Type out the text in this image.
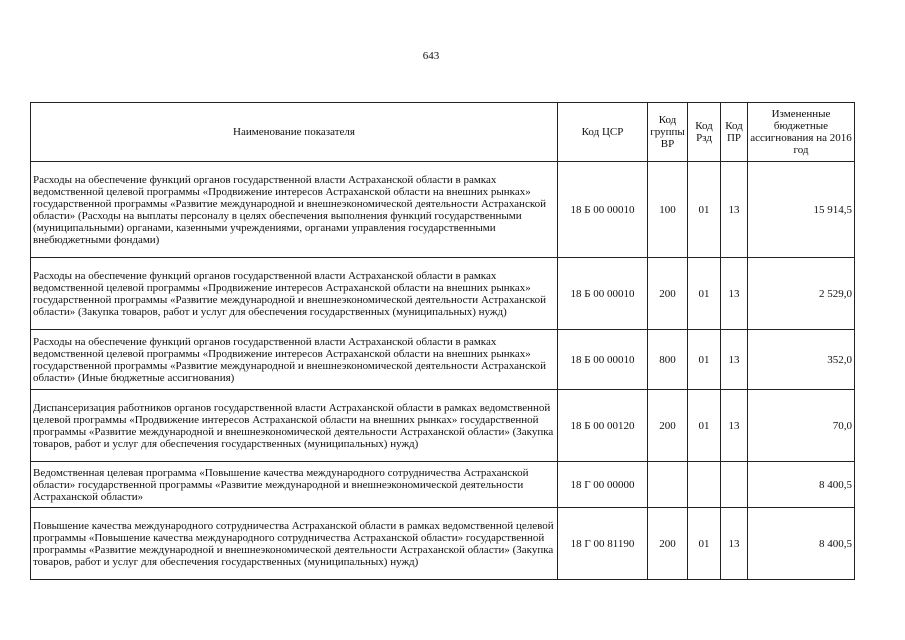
643
Наименование показателя	Код ЦСР	Код группы ВР	Код Рзд	Код ПР	Измененные бюджетные ассигнования на 2016 год
Расходы на обеспечение функций органов государственной власти Астраханской области в рамках ведомственной целевой программы «Продвижение интересов Астраханской области на внешних рынках» государственной программы «Развитие международной и внешнеэкономической деятельности Астраханской области» (Расходы на выплаты персоналу в целях обеспечения выполнения функций государственными (муниципальными) органами, казенными учреждениями, органами управления государственными внебюджетными фондами)	18 Б 00 00010	100	01	13	15 914,5
Расходы на обеспечение функций органов государственной власти Астраханской области в рамках ведомственной целевой программы «Продвижение интересов Астраханской области на внешних рынках» государственной программы «Развитие международной и внешнеэкономической деятельности Астраханской области» (Закупка товаров, работ и услуг для обеспечения государственных (муниципальных) нужд)	18 Б 00 00010	200	01	13	2 529,0
Расходы на обеспечение функций органов государственной власти Астраханской области в рамках ведомственной целевой программы «Продвижение интересов Астраханской области на внешних рынках» государственной программы «Развитие международной и внешнеэкономической деятельности Астраханской области» (Иные бюджетные ассигнования)	18 Б 00 00010	800	01	13	352,0
Диспансеризация работников органов государственной власти Астраханской области в рамках ведомственной целевой программы «Продвижение интересов Астраханской области на внешних рынках» государственной программы «Развитие международной и внешнеэкономической деятельности Астраханской области» (Закупка товаров, работ и услуг для обеспечения государственных (муниципальных) нужд)	18 Б 00 00120	200	01	13	70,0
Ведомственная целевая программа «Повышение качества международного сотрудничества Астраханской области» государственной программы «Развитие международной и внешнеэкономической деятельности Астраханской области»	18 Г 00 00000				8 400,5
Повышение качества международного сотрудничества Астраханской области в рамках ведомственной целевой программы «Повышение качества международного сотрудничества Астраханской области» государственной программы «Развитие международной и внешнеэкономической деятельности Астраханской области» (Закупка товаров, работ и услуг для обеспечения государственных (муниципальных) нужд)	18 Г 00 81190	200	01	13	8 400,5
